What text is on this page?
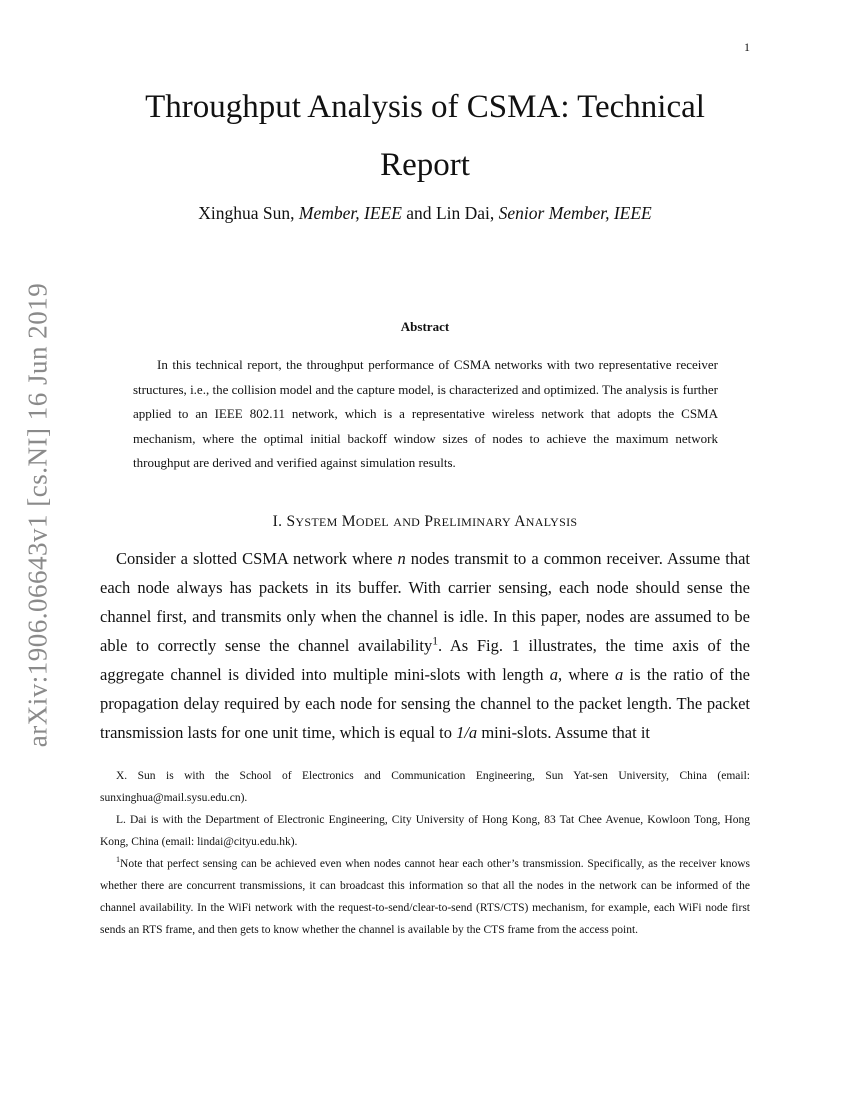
1
arXiv:1906.06643v1 [cs.NI] 16 Jun 2019
Throughput Analysis of CSMA: Technical Report
Xinghua Sun, Member, IEEE and Lin Dai, Senior Member, IEEE
Abstract

In this technical report, the throughput performance of CSMA networks with two representative receiver structures, i.e., the collision model and the capture model, is characterized and optimized. The analysis is further applied to an IEEE 802.11 network, which is a representative wireless network that adopts the CSMA mechanism, where the optimal initial backoff window sizes of nodes to achieve the maximum network throughput are derived and verified against simulation results.

I. SYSTEM MODEL AND PRELIMINARY ANALYSIS

Consider a slotted CSMA network where n nodes transmit to a common receiver. Assume that each node always has packets in its buffer. With carrier sensing, each node should sense the channel first, and transmits only when the channel is idle. In this paper, nodes are assumed to be able to correctly sense the channel availability$^1$. As Fig. 1 illustrates, the time axis of the aggregate channel is divided into multiple mini-slots with length a, where a is the ratio of the propagation delay required by each node for sensing the channel to the packet length. The packet transmission lasts for one unit time, which is equal to 1/a mini-slots. Assume that it

X. Sun is with the School of Electronics and Communication Engineering, Sun Yat-sen University, China (email: sunxinghua@mail.sysu.edu.cn).

L. Dai is with the Department of Electronic Engineering, City University of Hong Kong, 83 Tat Chee Avenue, Kowloon Tong, Hong Kong, China (email: lindai@cityu.edu.hk).

$^1$Note that perfect sensing can be achieved even when nodes cannot hear each other’s transmission. Specifically, as the receiver knows whether there are concurrent transmissions, it can broadcast this information so that all the nodes in the network can be informed of the channel availability. In the WiFi network with the request-to-send/clear-to-send (RTS/CTS) mechanism, for example, each WiFi node first sends an RTS frame, and then gets to know whether the channel is available by the CTS frame from the access point.
